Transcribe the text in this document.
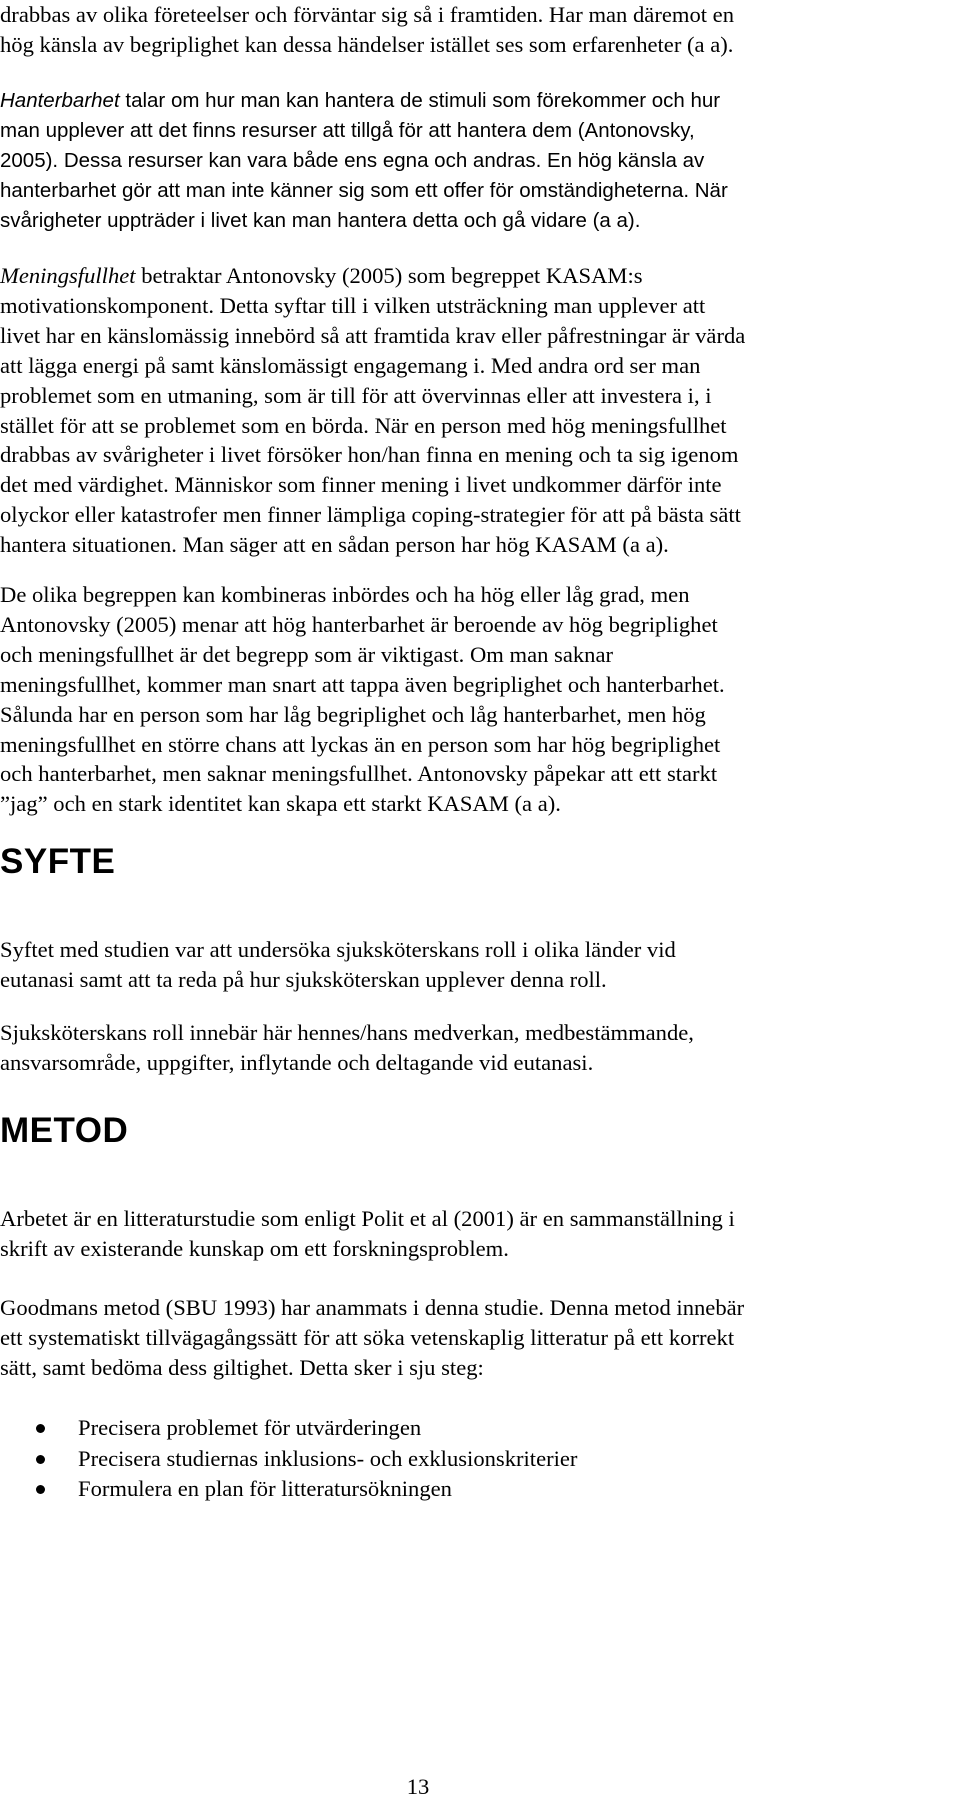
drabbas av olika företeelser och förväntar sig så i framtiden. Har man däremot en
hög känsla av begriplighet kan dessa händelser istället ses som erfarenheter (a a).
Hanterbarhet talar om hur man kan hantera de stimuli som förekommer och hur
man upplever att det finns resurser att tillgå för att hantera dem (Antonovsky,
2005). Dessa resurser kan vara både ens egna och andras. En hög känsla av
hanterbarhet gör att man inte känner sig som ett offer för omständigheterna. När
svårigheter uppträder i livet kan man hantera detta och gå vidare (a a).
Meningsfullhet betraktar Antonovsky (2005) som begreppet KASAM:s
motivationskomponent. Detta syftar till i vilken utsträckning man upplever att
livet har en känslomässig innebörd så att framtida krav eller påfrestningar är värda
att lägga energi på samt känslomässigt engagemang i. Med andra ord ser man
problemet som en utmaning, som är till för att övervinnas eller att investera i, i
stället för att se problemet som en börda. När en person med hög meningsfullhet
drabbas av svårigheter i livet försöker hon/han finna en mening och ta sig igenom
det med värdighet. Människor som finner mening i livet undkommer därför inte
olyckor eller katastrofer men finner lämpliga coping-strategier för att på bästa sätt
hantera situationen. Man säger att en sådan person har hög KASAM (a a).
De olika begreppen kan kombineras inbördes och ha hög eller låg grad, men
Antonovsky (2005) menar att hög hanterbarhet är beroende av hög begriplighet
och meningsfullhet är det begrepp som är viktigast. Om man saknar
meningsfullhet, kommer man snart att tappa även begriplighet och hanterbarhet.
Sålunda har en person som har låg begriplighet och låg hanterbarhet, men hög
meningsfullhet en större chans att lyckas än en person som har hög begriplighet
och hanterbarhet, men saknar meningsfullhet. Antonovsky påpekar att ett starkt
”jag” och en stark identitet kan skapa ett starkt KASAM (a a).
SYFTE
Syftet med studien var att undersöka sjuksköterskans roll i olika länder vid
eutanasi samt att ta reda på hur sjuksköterskan upplever denna roll.
Sjuksköterskans roll innebär här hennes/hans medverkan, medbestämmande,
ansvarsområde, uppgifter, inflytande och deltagande vid eutanasi.
METOD
Arbetet är en litteraturstudie som enligt Polit et al (2001) är en sammanställning i
skrift av existerande kunskap om ett forskningsproblem.
Goodmans metod (SBU 1993) har anammats i denna studie. Denna metod innebär
ett systematiskt tillvägagångssätt för att söka vetenskaplig litteratur på ett korrekt
sätt, samt bedöma dess giltighet. Detta sker i sju steg:
Precisera problemet för utvärderingen
Precisera studiernas inklusions- och exklusionskriterier
Formulera en plan för litteratursökningen
13
